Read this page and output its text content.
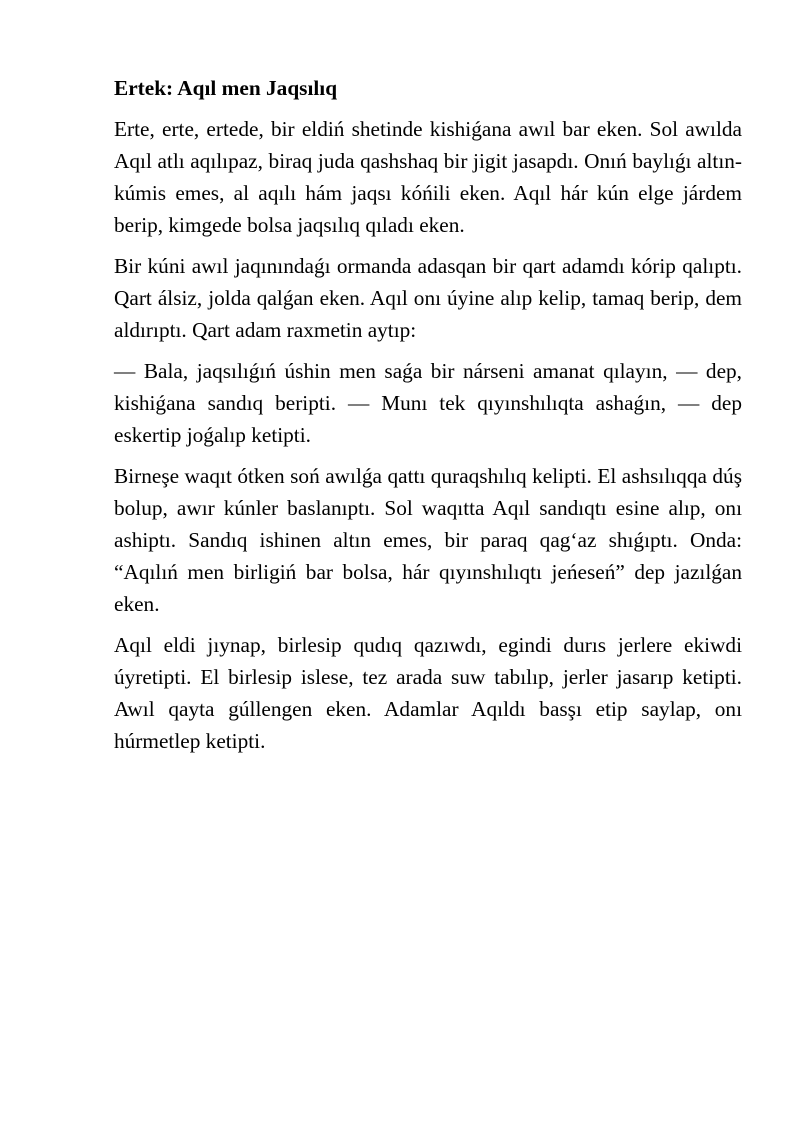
Ertek: Aqıl men Jaqsılıq

Erte, erte, ertede, bir eldiń shetinde kishiǵana awıl bar eken. Sol awılda Aqıl atlı aqılıpaz, biraq juda qashshaq bir jigit jasapdı. Onıń baylıǵı altın-kúmis emes, al aqılı hám jaqsı kóńili eken. Aqıl hár kún elge járdem berip, kimgede bolsa jaqsılıq qıladı eken.

Bir kúni awıl jaqınındaǵı ormanda adasqan bir qart adamdı kórip qalıptı. Qart álsiz, jolda qalǵan eken. Aqıl onı úyine alıp kelip, tamaq berip, dem aldırıptı. Qart adam raxmetin aytıp:

— Bala, jaqsılıǵıń úshin men saǵa bir nárseni amanat qılayın, — dep, kishiǵana sandıq beripti. — Munı tek qıyınshılıqta ashaǵın, — dep eskertip joǵalıp ketipti.

Birneşe waqıt ótken soń awılǵa qattı quraqshılıq kelipti. El ashsılıqqa dúş bolup, awır kúnler baslanıptı. Sol waqıtta Aqıl sandıqtı esine alıp, onı ashiptı. Sandıq ishinen altın emes, bir paraq qag‘az shıǵıptı. Onda: “Aqılıń men birligiń bar bolsa, hár qıyınshılıqtı jeńeseń” dep jazılǵan eken.

Aqıl eldi jıynap, birlesip qudıq qazıwdı, egindi durıs jerlere ekiwdi úyretipti. El birlesip islese, tez arada suw tabılıp, jerler jasarıp ketipti. Awıl qayta gúllengen eken. Adamlar Aqıldı basşı etip saylap, onı húrmetlep ketipti.
